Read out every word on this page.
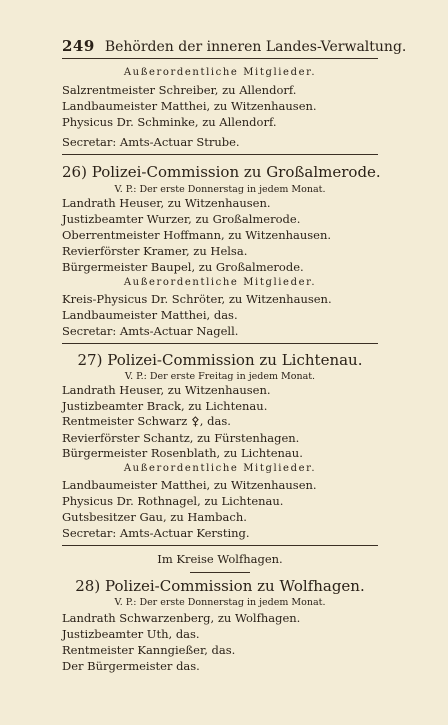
249 Behörden der inneren Landes-Verwaltung.
Außerordentliche Mitglieder.
Salzrentmeister Schreiber, zu Allendorf.
Landbaumeister Matthei, zu Witzenhausen.
Physicus Dr. Schminke, zu Allendorf.
Secretar: Amts-Actuar Strube.
26) Polizei-Commission zu Großalmerode.
V. P.: Der erste Donnerstag in jedem Monat.
Landrath Heuser, zu Witzenhausen.
Justizbeamter Wurzer, zu Großalmerode.
Oberrentmeister Hoffmann, zu Witzenhausen.
Revierförster Kramer, zu Helsa.
Bürgermeister Baupel, zu Großalmerode.
Außerordentliche Mitglieder.
Kreis-Physicus Dr. Schröter, zu Witzenhausen.
Landbaumeister Matthei, das.
Secretar: Amts-Actuar Nagell.
27) Polizei-Commission zu Lichtenau.
V. P.: Der erste Freitag in jedem Monat.
Landrath Heuser, zu Witzenhausen.
Justizbeamter Brack, zu Lichtenau.
Rentmeister Schwarz ⚴, das.
Revierförster Schantz, zu Fürstenhagen.
Bürgermeister Rosenblath, zu Lichtenau.
Außerordentliche Mitglieder.
Landbaumeister Matthei, zu Witzenhausen.
Physicus Dr. Rothnagel, zu Lichtenau.
Gutsbesitzer Gau, zu Hambach.
Secretar: Amts-Actuar Kersting.
Im Kreise Wolfhagen.
28) Polizei-Commission zu Wolfhagen.
V. P.: Der erste Donnerstag in jedem Monat.
Landrath Schwarzenberg, zu Wolfhagen.
Justizbeamter Uth, das.
Rentmeister Kanngießer, das.
Der Bürgermeister das.
